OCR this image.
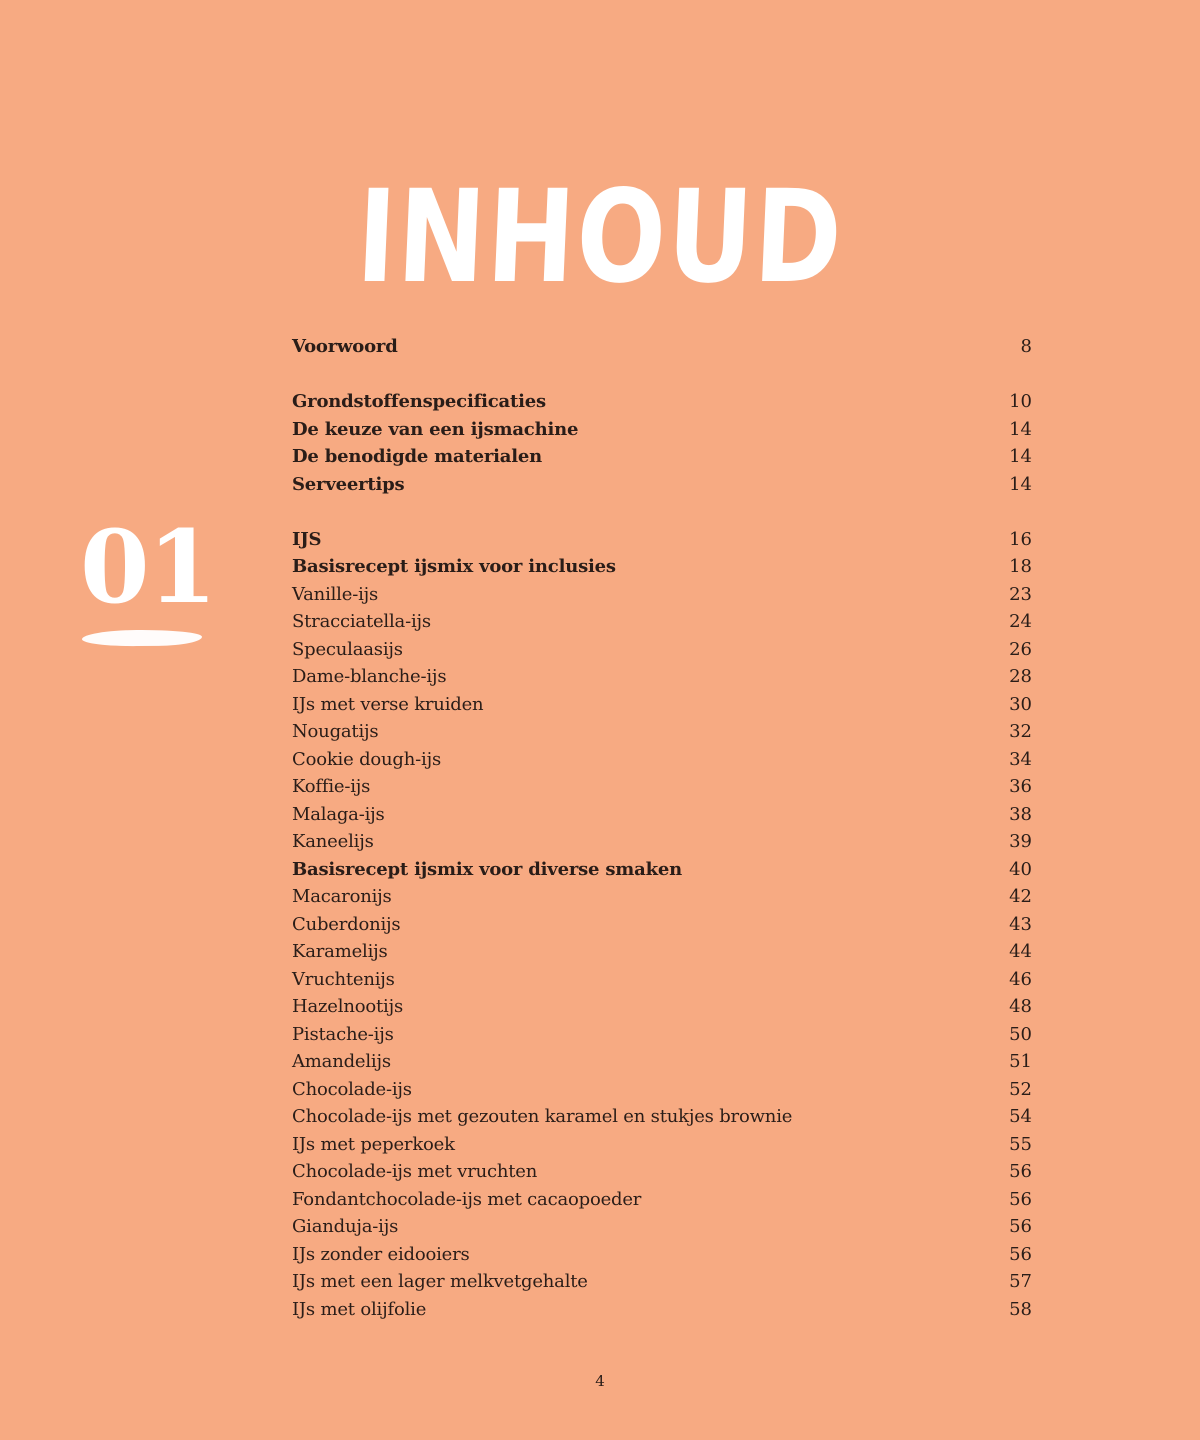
INHOUD
01
Voorwoord	8
Grondstoffenspecificaties	10
De keuze van een ijsmachine	14
De benodigde materialen	14
Serveertips	14
IJS	16
Basisrecept ijsmix voor inclusies	18
Vanille-ijs	23
Stracciatella-ijs	24
Speculaasijs	26
Dame-blanche-ijs	28
IJs met verse kruiden	30
Nougatijs	32
Cookie dough-ijs	34
Koffie-ijs	36
Malaga-ijs	38
Kaneelijs	39
Basisrecept ijsmix voor diverse smaken	40
Macaronijs	42
Cuberdonijs	43
Karamelijs	44
Vruchtenijs	46
Hazelnootijs	48
Pistache-ijs	50
Amandelijs	51
Chocolade-ijs	52
Chocolade-ijs met gezouten karamel en stukjes brownie	54
IJs met peperkoek	55
Chocolade-ijs met vruchten	56
Fondantchocolade-ijs met cacaopoeder	56
Gianduja-ijs	56
IJs zonder eidooiers	56
IJs met een lager melkvetgehalte	57
IJs met olijfolie	58
4
